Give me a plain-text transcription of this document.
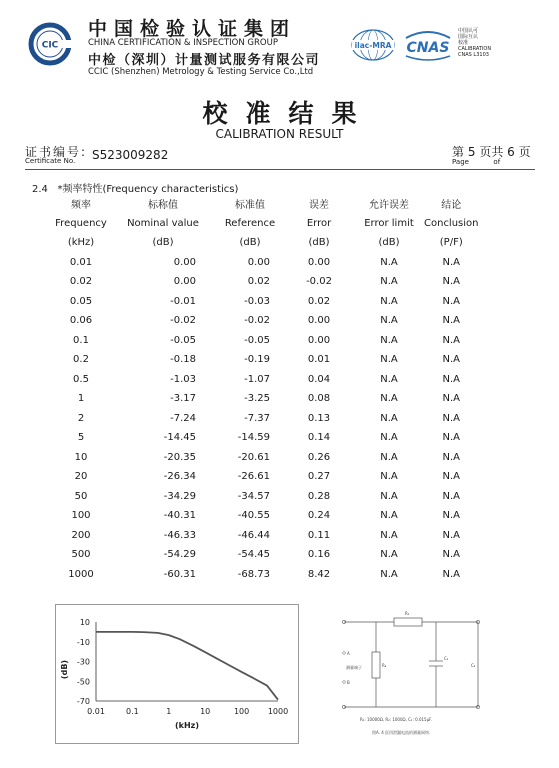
CIC
中国检验认证集团
CHINA CERTIFICATION & INSPECTION GROUP
中检（深圳）计量测试服务有限公司
CCIC (Shenzhen) Metrology & Testing Service Co.,Ltd
ilac-MRA CNAS
中国认可
国际互认
校准
CALIBRATION
CNAS L3103
校准结果
CALIBRATION RESULT
证书编号:
Certificate No. S523009282	第 5 页共 6 页
Page	of
2.4 *频率特性(Frequency characteristics)
频率	标称值	标准值	误差	允许误差	结论
Frequency	Nominal value	Reference	Error	Error limit	Conclusion
(kHz)	(dB)	(dB)	(dB)	(dB)	(P/F)
0.01	0.00	0.00	0.00	N.A	N.A
0.02	0.00	0.02	-0.02	N.A	N.A
0.05	-0.01	-0.03	0.02	N.A	N.A
0.06	-0.02	-0.02	0.00	N.A	N.A
0.1	-0.05	-0.05	0.00	N.A	N.A
0.2	-0.18	-0.19	0.01	N.A	N.A
0.5	-1.03	-1.07	0.04	N.A	N.A
1	-3.17	-3.25	0.08	N.A	N.A
2	-7.24	-7.37	0.13	N.A	N.A
5	-14.45	-14.59	0.14	N.A	N.A
10	-20.35	-20.61	0.26	N.A	N.A
20	-26.34	-26.61	0.27	N.A	N.A
50	-34.29	-34.57	0.28	N.A	N.A
100	-40.31	-40.55	0.24	N.A	N.A
200	-46.33	-46.44	0.11	N.A	N.A
500	-54.29	-54.45	0.16	N.A	N.A
1000	-60.31	-68.73	8.42	N.A	N.A
10
-10
-30
-50
-70
0.01	0.1	1	10	100 1000
(kHz)
(dB)
R₁
R₂
C₁
C₂
A
B
测量端子
R₁: 10000Ω, R₂: 1000Ω, C₁: 0.015μF.
图A. 4 医用泄漏电流的测量网络.
